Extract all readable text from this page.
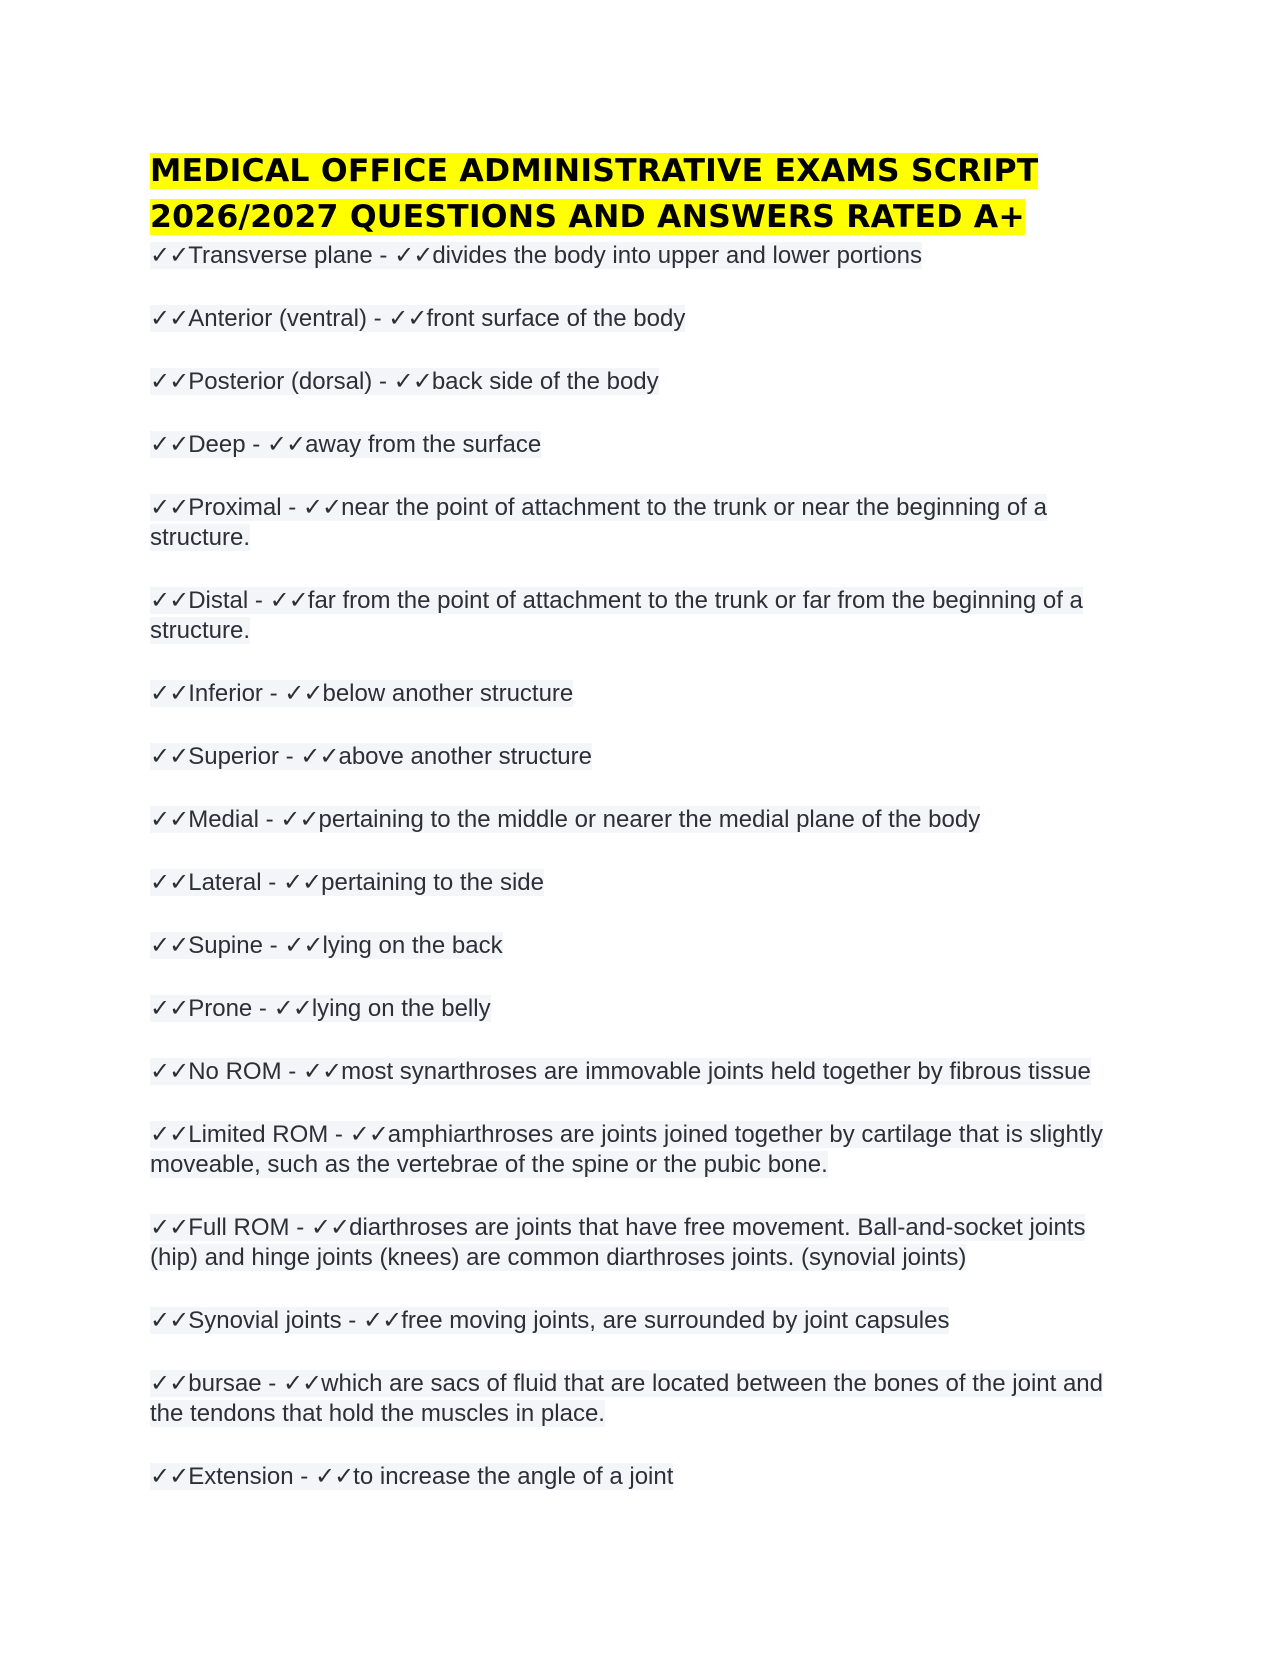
MEDICAL OFFICE ADMINISTRATIVE EXAMS SCRIPT
2026/2027 QUESTIONS AND ANSWERS RATED A+

✓✓Transverse plane - ✓✓divides the body into upper and lower portions

✓✓Anterior (ventral) - ✓✓front surface of the body

✓✓Posterior (dorsal) - ✓✓back side of the body

✓✓Deep - ✓✓away from the surface

✓✓Proximal - ✓✓near the point of attachment to the trunk or near the beginning of a structure.

✓✓Distal - ✓✓far from the point of attachment to the trunk or far from the beginning of a structure.

✓✓Inferior - ✓✓below another structure

✓✓Superior - ✓✓above another structure

✓✓Medial - ✓✓pertaining to the middle or nearer the medial plane of the body

✓✓Lateral - ✓✓pertaining to the side

✓✓Supine - ✓✓lying on the back

✓✓Prone - ✓✓lying on the belly

✓✓No ROM - ✓✓most synarthroses are immovable joints held together by fibrous tissue

✓✓Limited ROM - ✓✓amphiarthroses are joints joined together by cartilage that is slightly moveable, such as the vertebrae of the spine or the pubic bone.

✓✓Full ROM - ✓✓diarthroses are joints that have free movement. Ball-and-socket joints (hip) and hinge joints (knees) are common diarthroses joints. (synovial joints)

✓✓Synovial joints - ✓✓free moving joints, are surrounded by joint capsules

✓✓bursae - ✓✓which are sacs of fluid that are located between the bones of the joint and the tendons that hold the muscles in place.

✓✓Extension - ✓✓to increase the angle of a joint
